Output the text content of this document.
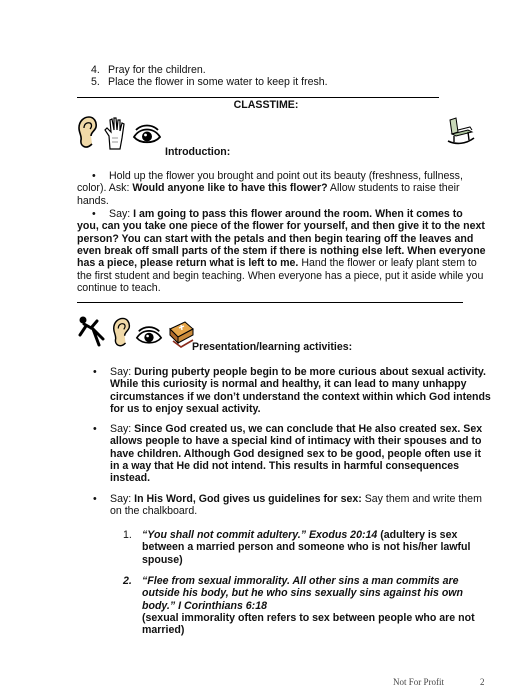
4. Pray for the children.
5. Place the flower in some water to keep it fresh.
CLASSTIME:

Introduction:
• Hold up the flower you brought and point out its beauty (freshness, fullness,
color). Ask: Would anyone like to have this flower? Allow students to raise their
hands.
• Say: I am going to pass this flower around the room. When it comes to
you, can you take one piece of the flower for yourself, and then give it to the next
person? You can start with the petals and then begin tearing off the leaves and
even break off small parts of the stem if there is nothing else left. When everyone
has a piece, please return what is left to me. Hand the flower or leafy plant stem to
the first student and begin teaching. When everyone has a piece, put it aside while you
continue to teach.

Presentation/learning activities:
• Say: During puberty people begin to be more curious about sexual activity.
While this curiosity is normal and healthy, it can lead to many unhappy
circumstances if we don’t understand the context within which God intends
for us to enjoy sexual activity.
• Say: Since God created us, we can conclude that He also created sex. Sex
allows people to have a special kind of intimacy with their spouses and to
have children. Although God designed sex to be good, people often use it
in a way that He did not intend. This results in harmful consequences
instead.
• Say: In His Word, God gives us guidelines for sex: Say them and write them
on the chalkboard.
1. “You shall not commit adultery.” Exodus 20:14 (adultery is sex
between a married person and someone who is not his/her lawful
spouse)
2. “Flee from sexual immorality. All other sins a man commits are
outside his body, but he who sins sexually sins against his own
body.” I Corinthians 6:18
(sexual immorality often refers to sex between people who are not
married)
Not For Profit	2
